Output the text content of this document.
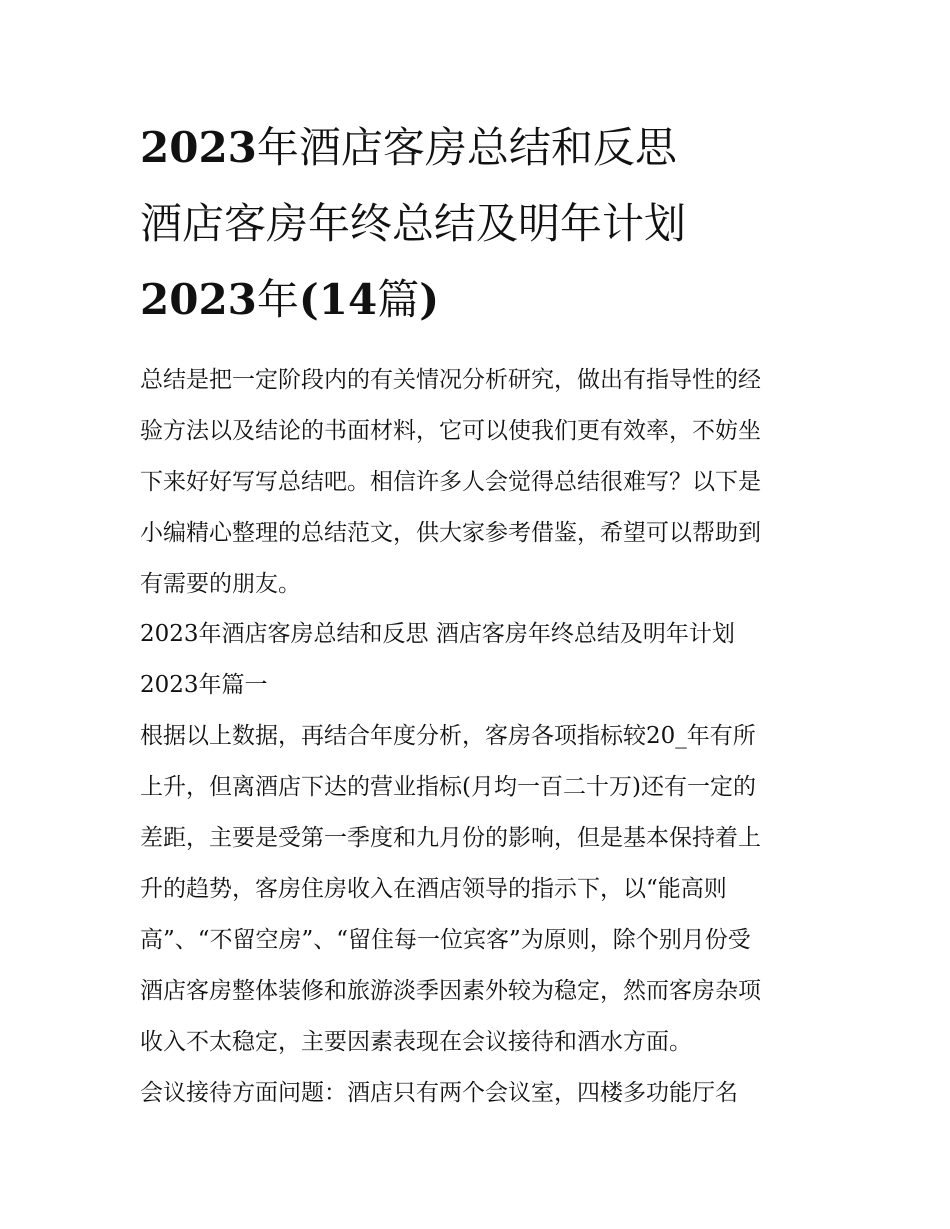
2023年酒店客房总结和反思
酒店客房年终总结及明年计划
2023年(14篇)

总结是把一定阶段内的有关情况分析研究，做出有指导性的经
验方法以及结论的书面材料，它可以使我们更有效率，不妨坐
下来好好写写总结吧。相信许多人会觉得总结很难写？以下是
小编精心整理的总结范文，供大家参考借鉴，希望可以帮助到
有需要的朋友。

2023年酒店客房总结和反思 酒店客房年终总结及明年计划
2023年篇一

根据以上数据，再结合年度分析，客房各项指标较20_年有所
上升，但离酒店下达的营业指标(月均一百二十万)还有一定的
差距，主要是受第一季度和九月份的影响，但是基本保持着上
升的趋势，客房住房收入在酒店领导的指示下，以“能高则
高”、“不留空房”、“留住每一位宾客”为原则，除个别月份受
酒店客房整体装修和旅游淡季因素外较为稳定，然而客房杂项
收入不太稳定，主要因素表现在会议接待和酒水方面。

会议接待方面问题：酒店只有两个会议室，四楼多功能厅名
